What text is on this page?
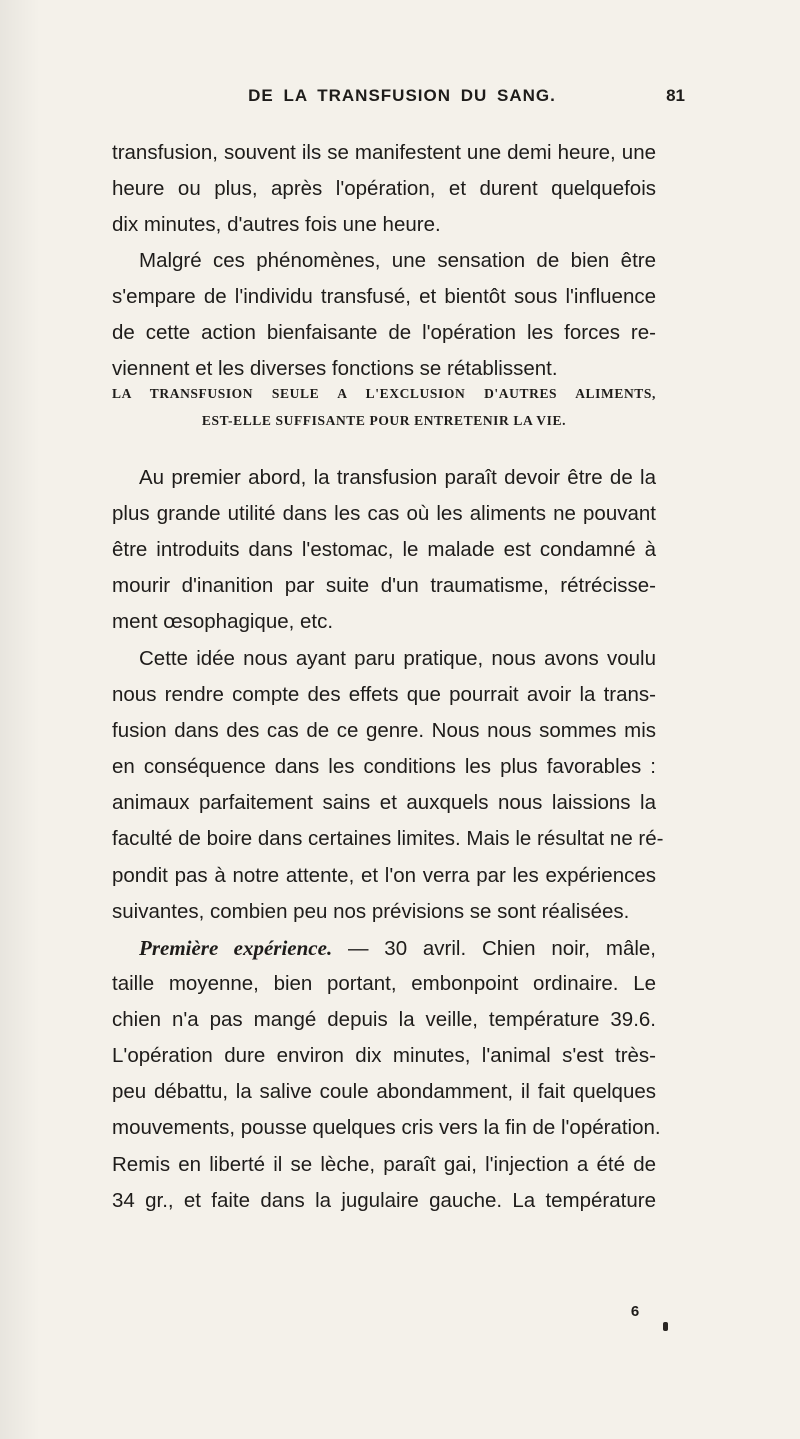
DE LA TRANSFUSION DU SANG.	81
transfusion, souvent ils se manifestent une demi heure, une
heure ou plus, après l'opération, et durent quelquefois
dix minutes, d'autres fois une heure.
Malgré ces phénomènes, une sensation de bien être
s'empare de l'individu transfusé, et bientôt sous l'influence
de cette action bienfaisante de l'opération les forces re-
viennent et les diverses fonctions se rétablissent.
LA TRANSFUSION SEULE A L'EXCLUSION D'AUTRES ALIMENTS,
EST-ELLE SUFFISANTE POUR ENTRETENIR LA VIE.
Au premier abord, la transfusion paraît devoir être de la
plus grande utilité dans les cas où les aliments ne pouvant
être introduits dans l'estomac, le malade est condamné à
mourir d'inanition par suite d'un traumatisme, rétrécisse-
ment œsophagique, etc.
Cette idée nous ayant paru pratique, nous avons voulu
nous rendre compte des effets que pourrait avoir la trans-
fusion dans des cas de ce genre. Nous nous sommes mis
en conséquence dans les conditions les plus favorables :
animaux parfaitement sains et auxquels nous laissions la
faculté de boire dans certaines limites. Mais le résultat ne ré-
pondit pas à notre attente, et l'on verra par les expériences
suivantes, combien peu nos prévisions se sont réalisées.
Première expérience. — 30 avril. Chien noir, mâle,
taille moyenne, bien portant, embonpoint ordinaire. Le
chien n'a pas mangé depuis la veille, température 39.6.
L'opération dure environ dix minutes, l'animal s'est très-
peu débattu, la salive coule abondamment, il fait quelques
mouvements, pousse quelques cris vers la fin de l'opération.
Remis en liberté il se lèche, paraît gai, l'injection a été de
34 gr., et faite dans la jugulaire gauche. La température
6
